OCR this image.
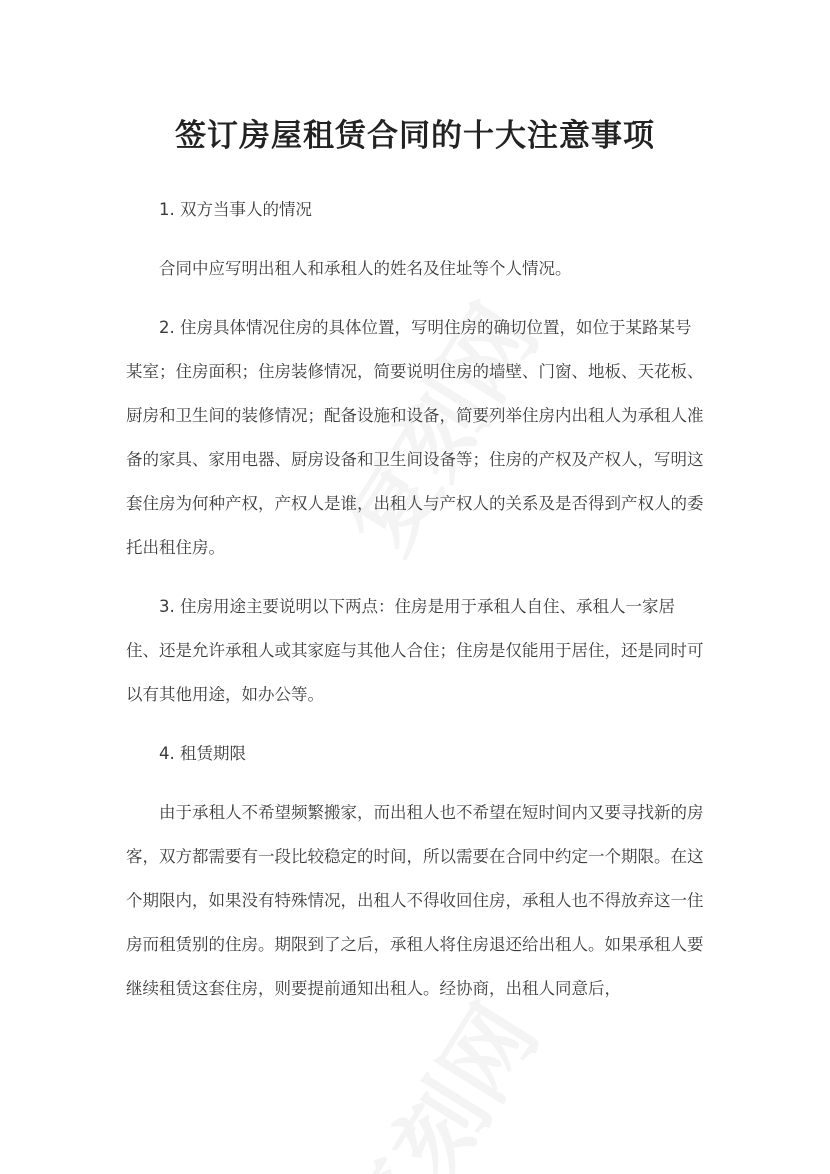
签订房屋租赁合同的十大注意事项

1. 双方当事人的情况

合同中应写明出租人和承租人的姓名及住址等个人情况。

2. 住房具体情况住房的具体位置，写明住房的确切位置，如位于某路某号某室；住房面积；住房装修情况，简要说明住房的墙壁、门窗、地板、天花板、厨房和卫生间的装修情况；配备设施和设备，简要列举住房内出租人为承租人准备的家具、家用电器、厨房设备和卫生间设备等；住房的产权及产权人，写明这套住房为何种产权，产权人是谁，出租人与产权人的关系及是否得到产权人的委托出租住房。

3. 住房用途主要说明以下两点：住房是用于承租人自住、承租人一家居住、还是允许承租人或其家庭与其他人合住；住房是仅能用于居住，还是同时可以有其他用途，如办公等。

4. 租赁期限

由于承租人不希望频繁搬家，而出租人也不希望在短时间内又要寻找新的房客，双方都需要有一段比较稳定的时间，所以需要在合同中约定一个期限。在这个期限内，如果没有特殊情况，出租人不得收回住房，承租人也不得放弃这一住房而租赁别的住房。期限到了之后，承租人将住房退还给出租人。如果承租人要继续租赁这套住房，则要提前通知出租人。经协商，出租人同意后，
